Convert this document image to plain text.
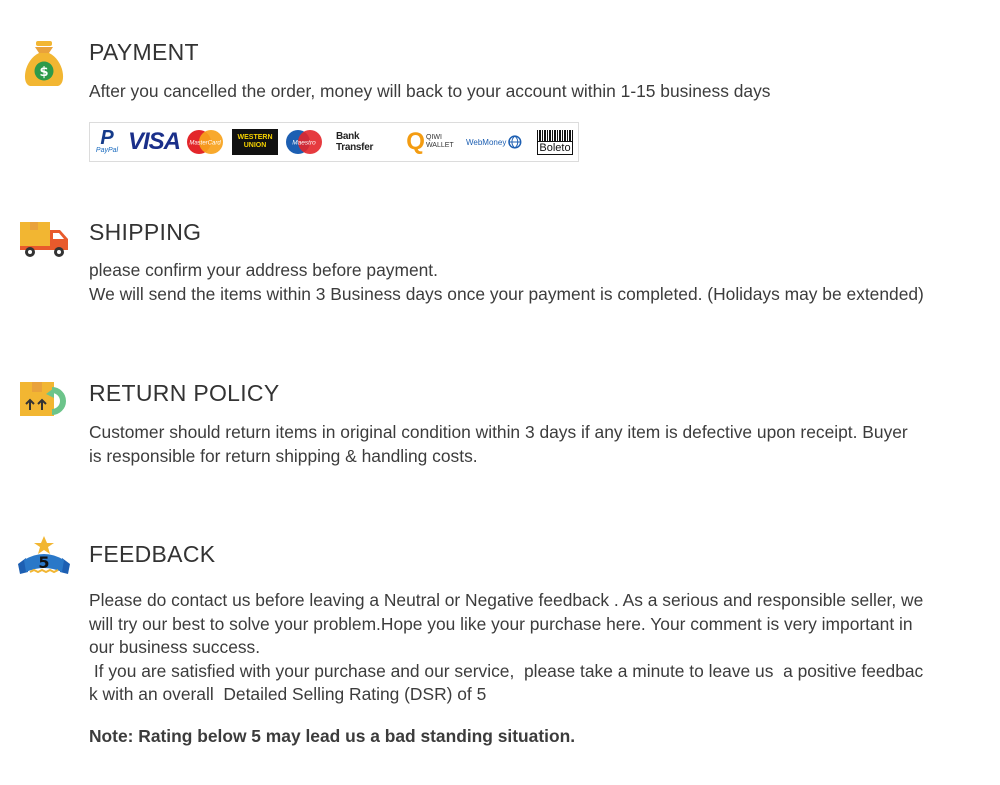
$
PAYMENT

After you cancelled the order, money will back to your account within 1-15 business days

P
PayPal VISA	MasterCard
WESTERN
UNION	Maestro
Bank Transfer	Q QIWI
WALLET WebMoney	Boleto
SHIPPING

please confirm your address before payment.

We will send the items within 3 Business days once your payment is completed. (Holidays may be extended)

RETURN POLICY

Customer should return items in original condition within 3 days if any item is defective upon receipt. Buyer

is responsible for return shipping & handling costs.

5 FEEDBACK

Please do contact us before leaving a Neutral or Negative feedback . As a serious and responsible seller, we

will try our best to solve your problem.Hope you like your purchase here. Your comment is very important in

our business success.

If you are satisfied with your purchase and our service,  please take a minute to leave us  a positive feedbac

k with an overall  Detailed Selling Rating (DSR) of 5

Note: Rating below 5 may lead us a bad standing situation.
